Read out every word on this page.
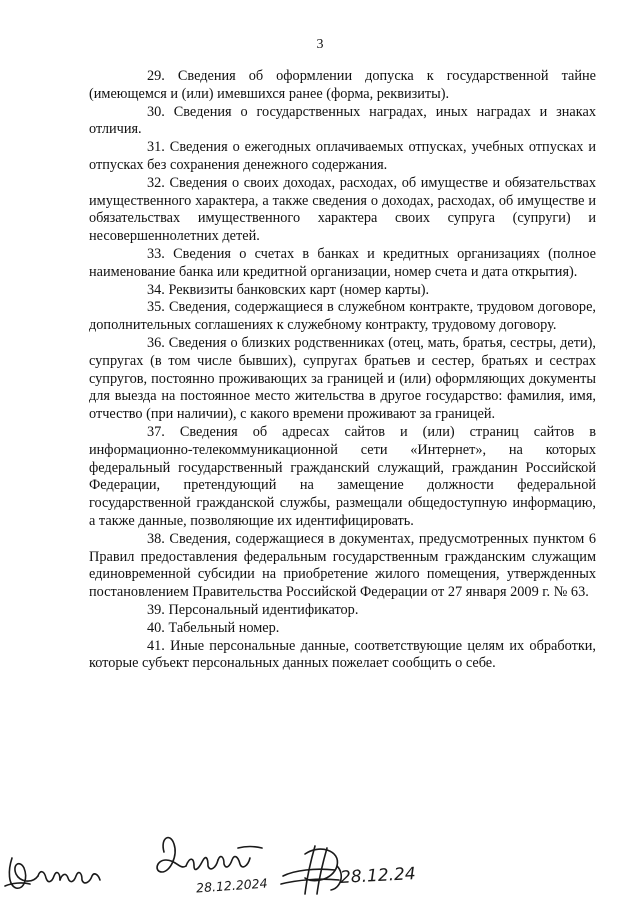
3

29. Сведения об оформлении допуска к государственной тайне (имеющемся и (или) имевшихся ранее (форма, реквизиты).

30. Сведения о государственных наградах, иных наградах и знаках отличия.

31. Сведения о ежегодных оплачиваемых отпусках, учебных отпусках и отпусках без сохранения денежного содержания.

32. Сведения о своих доходах, расходах, об имуществе и обязательствах имущественного характера, а также сведения о доходах, расходах, об имуществе и обязательствах имущественного характера своих супруга (супруги) и несовершеннолетних детей.

33. Сведения о счетах в банках и кредитных организациях (полное наименование банка или кредитной организации, номер счета и дата открытия).

34. Реквизиты банковских карт (номер карты).

35. Сведения, содержащиеся в служебном контракте, трудовом договоре, дополнительных соглашениях к служебному контракту, трудовому договору.

36. Сведения о близких родственниках (отец, мать, братья, сестры, дети), супругах (в том числе бывших), супругах братьев и сестер, братьях и сестрах супругов, постоянно проживающих за границей и (или) оформляющих документы для выезда на постоянное место жительства в другое государство: фамилия, имя, отчество (при наличии), с какого времени проживают за границей.

37. Сведения об адресах сайтов и (или) страниц сайтов в информационно-телекоммуникационной сети «Интернет», на которых федеральный государственный гражданский служащий, гражданин Российской Федерации, претендующий на замещение должности федеральной государственной гражданской службы, размещали общедоступную информацию, а также данные, позволяющие их идентифицировать.

38. Сведения, содержащиеся в документах, предусмотренных пунктом 6 Правил предоставления федеральным государственным гражданским служащим единовременной субсидии на приобретение жилого помещения, утвержденных постановлением Правительства Российской Федерации от 27 января 2009 г. № 63.

39. Персональный идентификатор.

40. Табельный номер.

41. Иные персональные данные, соответствующие целям их обработки, которые субъект персональных данных пожелает сообщить о себе.

28.12.2024	28.12.24
